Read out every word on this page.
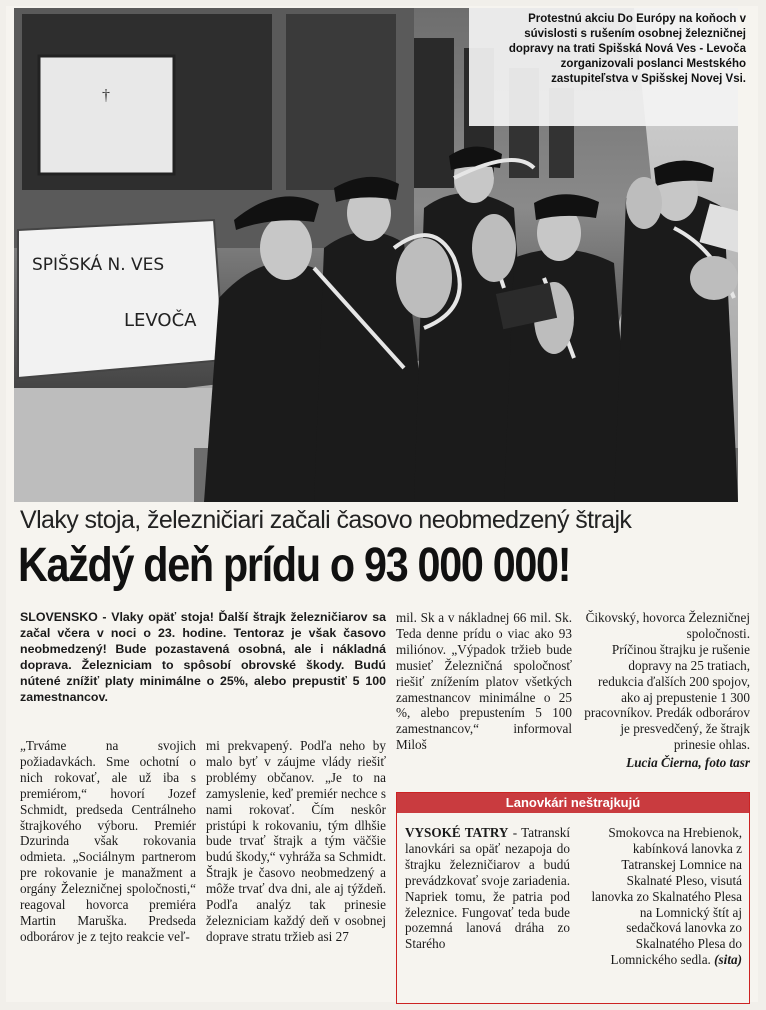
†
SPIŠSKÁ N. VES
LEVOČA
Protestnú akciu Do Európy na koňoch v súvislosti s rušením osobnej železničnej dopravy na trati Spišská Nová Ves - Levoča zorganizovali poslanci Mestského zastupiteľstva v Spišskej Novej Vsi.
Vlaky stoja, železničiari začali časovo neobmedzený štrajk
Každý deň prídu o 93 000 000!
SLOVENSKO - Vlaky opäť stoja! Ďalší štrajk železničiarov sa začal včera v noci o 23. hodine. Tentoraz je však časovo neobmedzený! Bude pozastavená osobná, ale i nákladná doprava. Železniciam to spôsobí obrovské škody. Budú nútené znížiť platy minimálne o 25%, alebo prepustiť 5 100 zamestnancov.
„Trváme na svojich požiadavkách. Sme ochotní o nich rokovať, ale už iba s premiérom,“ hovorí Jozef Schmidt, predseda Centrálneho štrajkového výboru. Premiér Dzurinda však rokovania odmieta. „Sociálnym partnerom pre rokovanie je manažment a orgány Železničnej spoločnosti,“ reagoval hovorca premiéra Martin Maruška. Predseda odborárov je z tejto reakcie veľ-
mi prekvapený. Podľa neho by malo byť v záujme vlády riešiť problémy občanov. „Je to na zamyslenie, keď premiér nechce s nami rokovať. Čím neskôr pristúpi k rokovaniu, tým dlhšie bude trvať štrajk a tým väčšie budú škody,“ vyhráža sa Schmidt. Štrajk je časovo neobmedzený a môže trvať dva dni, ale aj týždeň. Podľa analýz tak prinesie železniciam každý deň v osobnej doprave stratu tržieb asi 27
mil. Sk a v nákladnej 66 mil. Sk. Teda denne prídu o viac ako 93 miliónov. „Výpadok tržieb bude musieť Železničná spoločnosť riešiť znížením platov všetkých zamestnancov minimálne o 25 %, alebo prepustením 5 100 zamestnancov,“ informoval Miloš

Čikovský, hovorca Železničnej spoločnosti.

Príčinou štrajku je rušenie dopravy na 25 tratiach, redukcia ďalších 200 spojov, ako aj prepustenie 1 300 pracovníkov. Predák odborárov je presvedčený, že štrajk prinesie ohlas.

Lucia Čierna, foto tasr
Lanovkári neštrajkujú
VYSOKÉ TATRY - Tatranskí lanovkári sa opäť nezapoja do štrajku železničiarov a budú prevádzkovať svoje zariadenia. Napriek tomu, že patria pod železnice. Fungovať teda bude pozemná lanová dráha zo Starého
Smokovca na Hrebienok, kabínková lanovka z Tatranskej Lomnice na Skalnaté Pleso, visutá lanovka zo Skalnatého Plesa na Lomnický štít aj sedačková lanovka zo Skalnatého Plesa do Lomnického sedla. (sita)
